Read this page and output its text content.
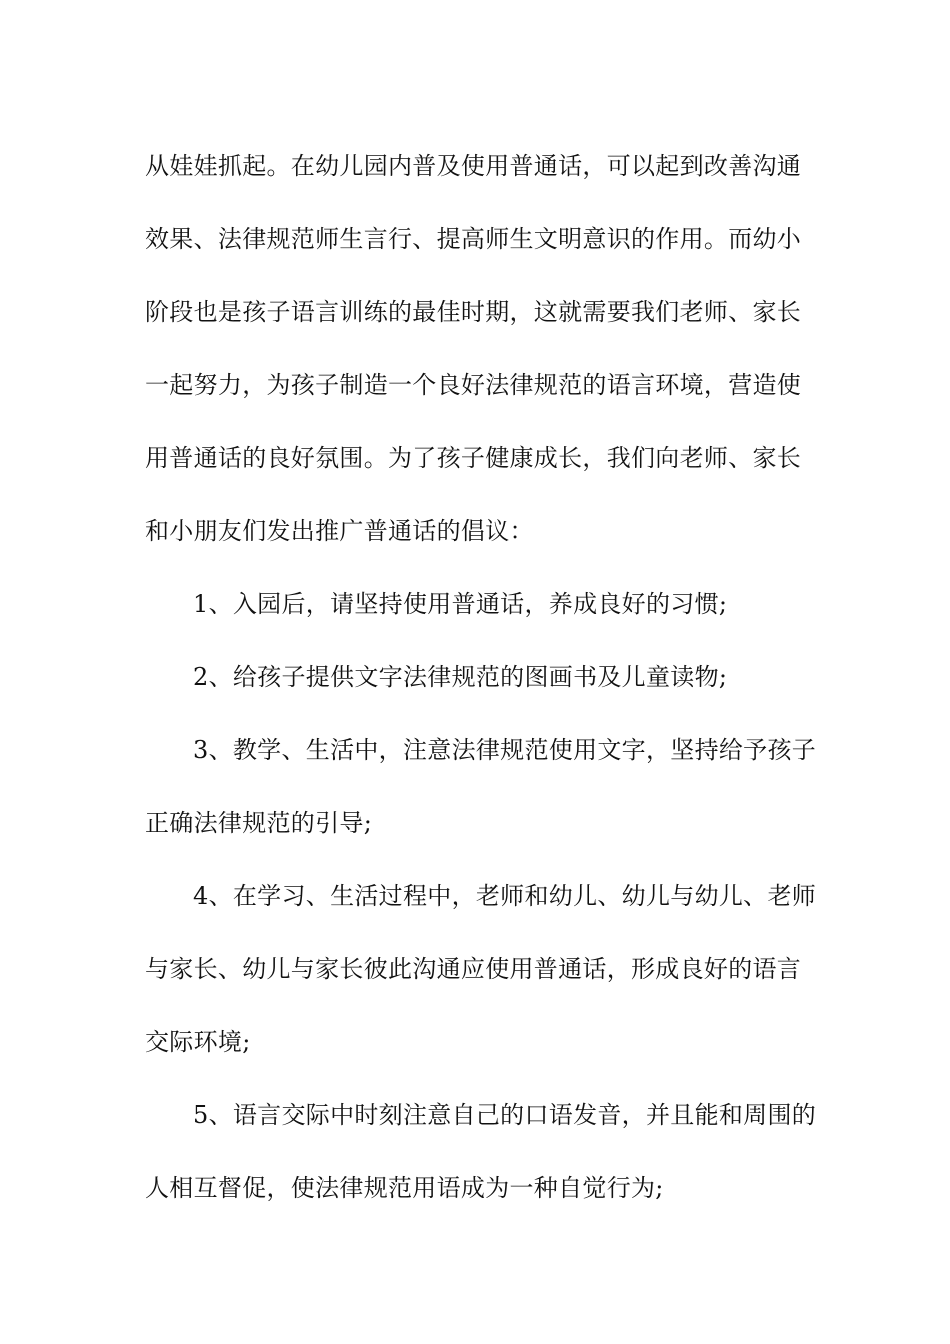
从娃娃抓起。在幼儿园内普及使用普通话，可以起到改善沟通

效果、法律规范师生言行、提高师生文明意识的作用。而幼小

阶段也是孩子语言训练的最佳时期，这就需要我们老师、家长

一起努力，为孩子制造一个良好法律规范的语言环境，营造使

用普通话的良好氛围。为了孩子健康成长，我们向老师、家长

和小朋友们发出推广普通话的倡议：

1、入园后，请坚持使用普通话，养成良好的习惯;

2、给孩子提供文字法律规范的图画书及儿童读物;

3、教学、生活中，注意法律规范使用文字，坚持给予孩子

正确法律规范的引导;

4、在学习、生活过程中，老师和幼儿、幼儿与幼儿、老师

与家长、幼儿与家长彼此沟通应使用普通话，形成良好的语言

交际环境;

5、语言交际中时刻注意自己的口语发音，并且能和周围的

人相互督促，使法律规范用语成为一种自觉行为;
